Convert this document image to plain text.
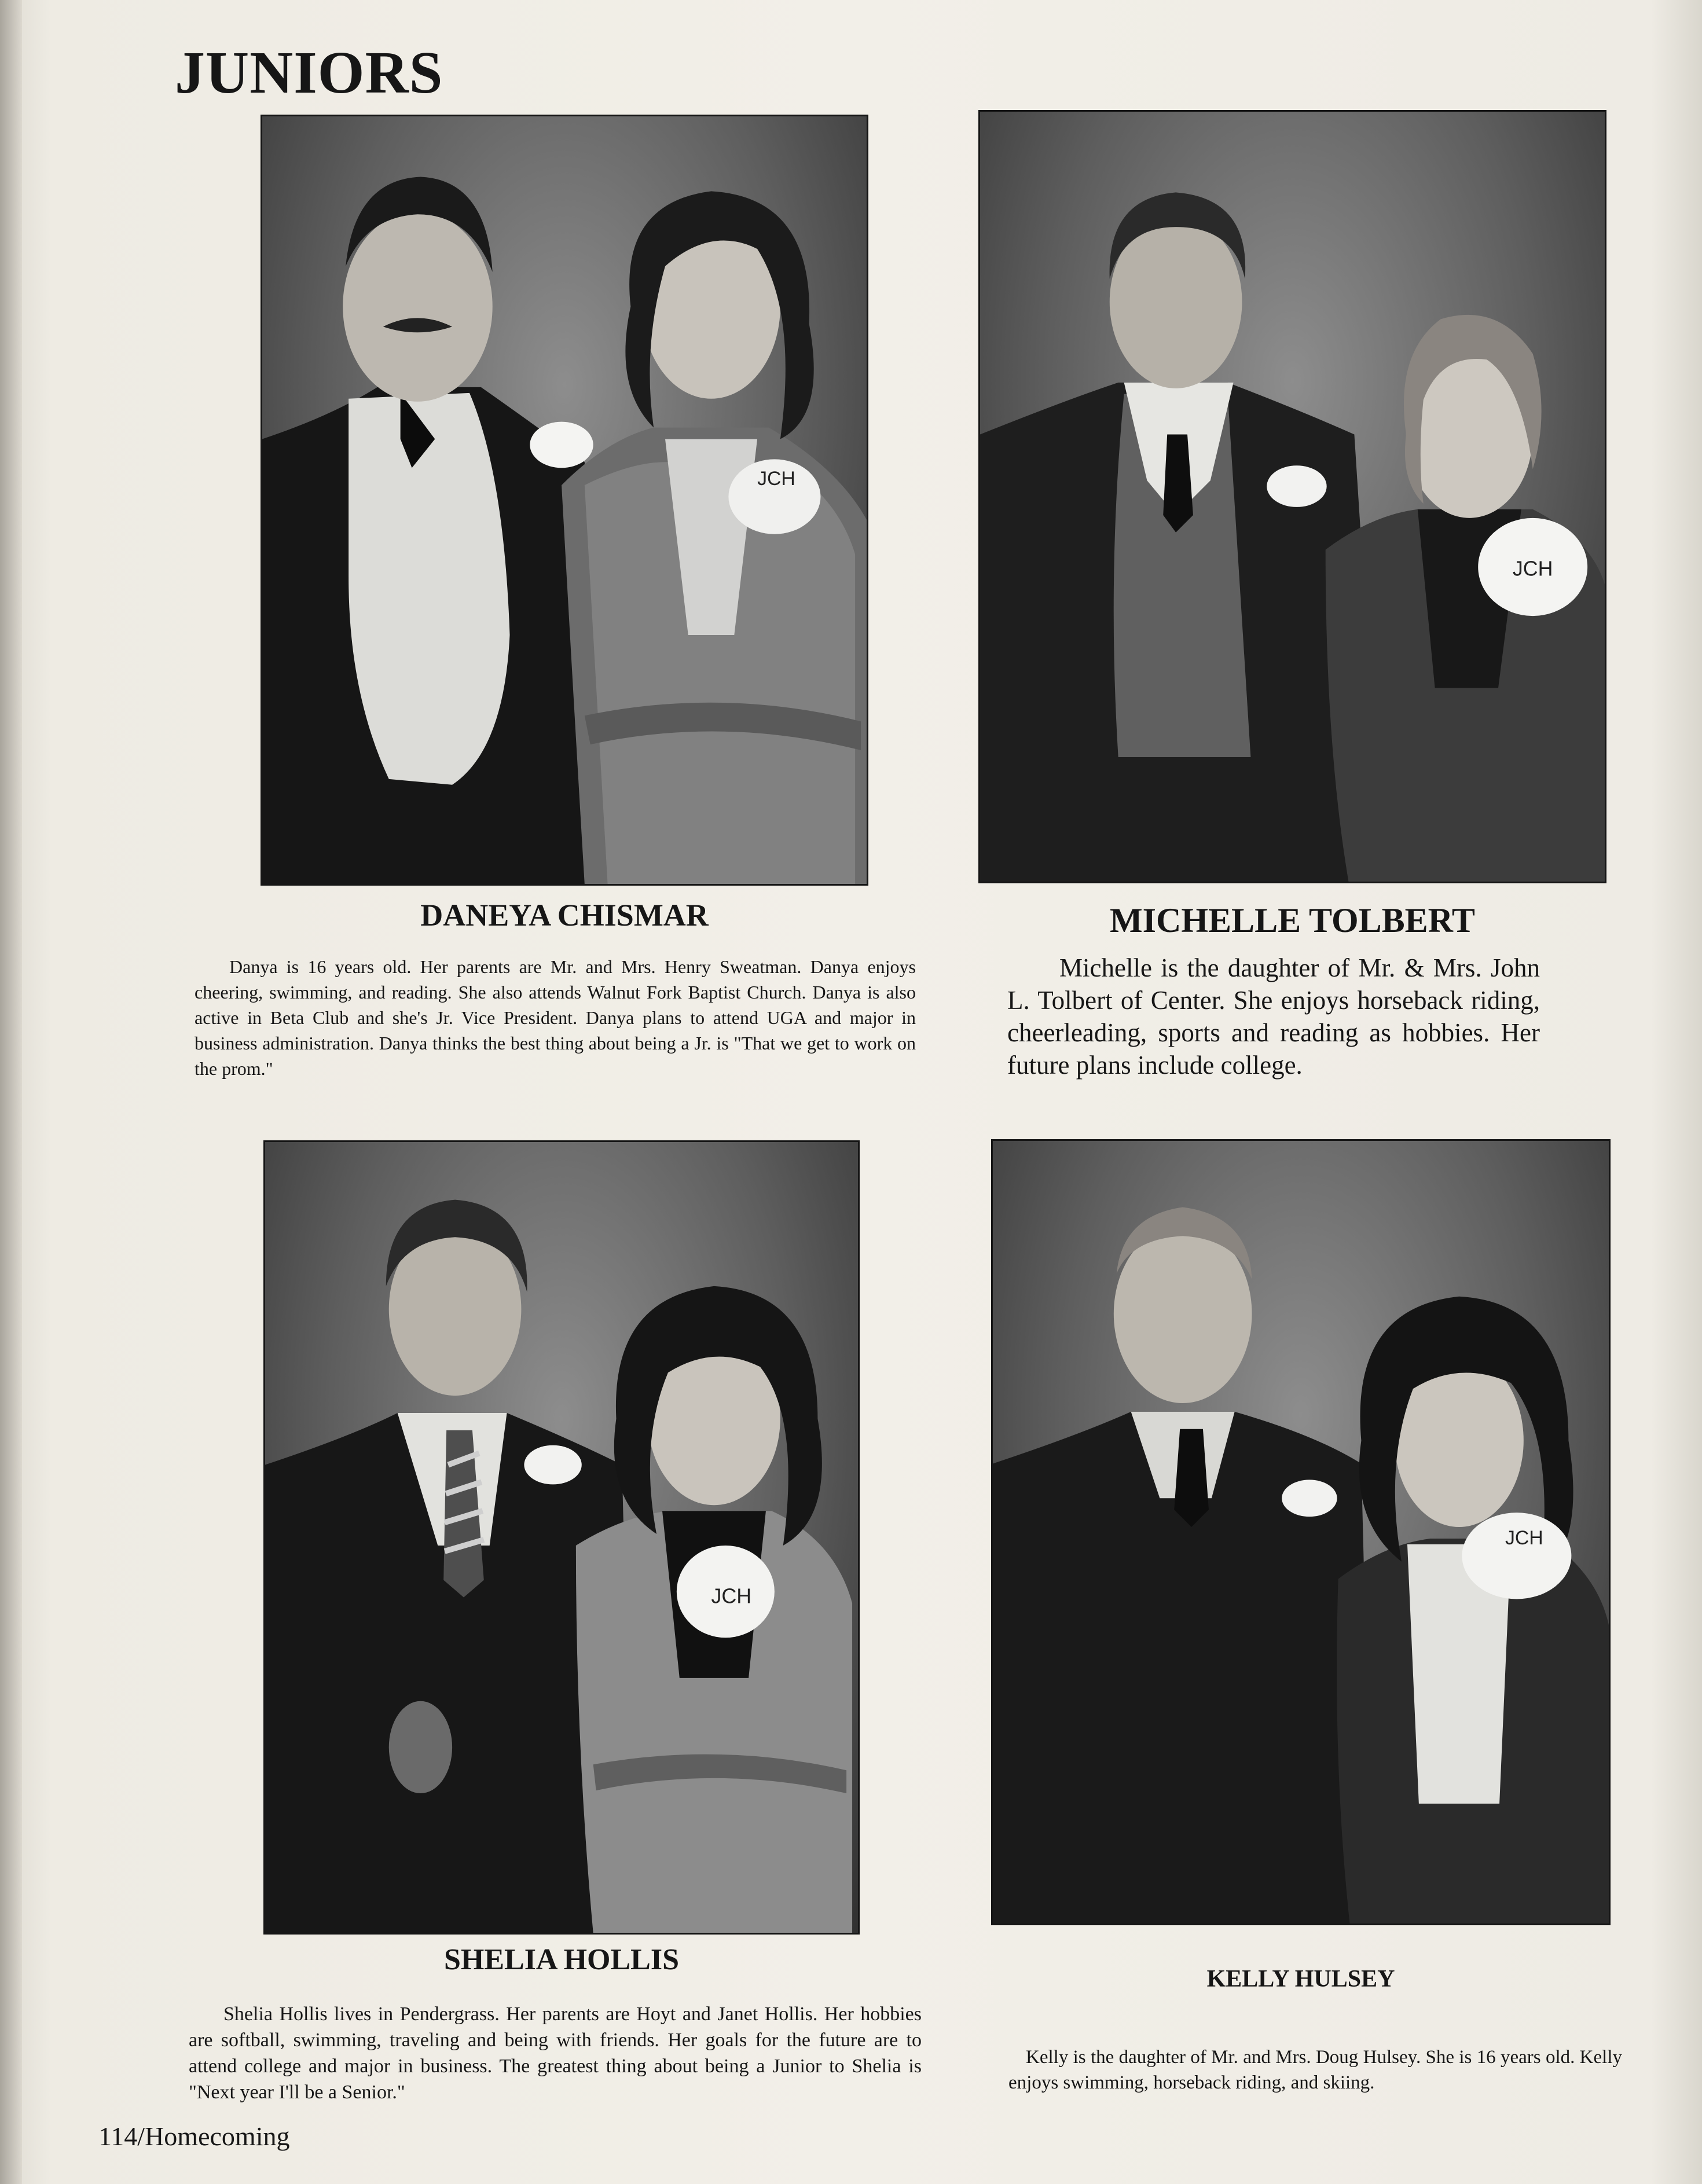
JUNIORS
JCH
JCH
DANEYA CHISMAR	MICHELLE TOLBERT

Danya is 16 years old. Her parents are Mr. and Mrs. Henry Sweatman. Danya enjoys cheering, swimming, and reading. She also attends Walnut Fork Baptist Church. Danya is also active in Beta Club and she's Jr. Vice President. Danya plans to attend UGA and major in business administration. Danya thinks the best thing about being a Jr. is "That we get to work on the prom."

Michelle is the daughter of Mr. & Mrs. John L. Tolbert of Center. She enjoys horseback riding, cheerleading, sports and reading as hobbies. Her future plans include college.

JCH
JCH
SHELIA HOLLIS
KELLY HULSEY

Shelia Hollis lives in Pendergrass. Her parents are Hoyt and Janet Hollis. Her hobbies are softball, swimming, traveling and being with friends. Her goals for the future are to attend college and major in business. The greatest thing about being a Junior to Shelia is "Next year I'll be a Senior."

Kelly is the daughter of Mr. and Mrs. Doug Hulsey. She is 16 years old. Kelly enjoys swimming, horseback riding, and skiing.

114/Homecoming
